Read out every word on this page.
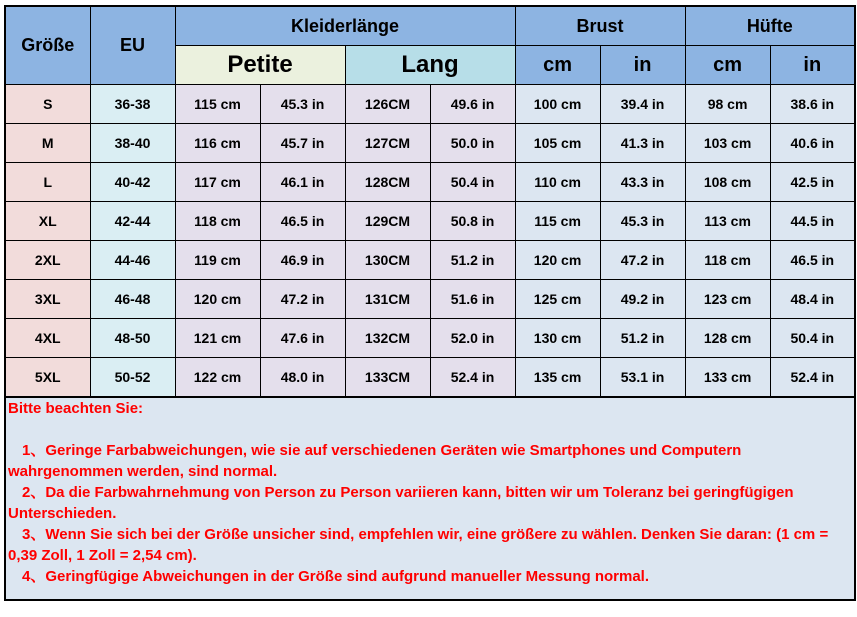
Größe	EU	Kleiderlänge				Brust		Hüfte	
		Petite		Lang		cm	in	cm	in
S	36-38	115 cm	45.3 in	126CM	49.6 in	100 cm	39.4 in	98 cm	38.6 in
M	38-40	116 cm	45.7 in	127CM	50.0 in	105 cm	41.3 in	103 cm	40.6 in
L	40-42	117 cm	46.1 in	128CM	50.4 in	110 cm	43.3 in	108 cm	42.5 in
XL	42-44	118 cm	46.5 in	129CM	50.8 in	115 cm	45.3 in	113 cm	44.5 in
2XL	44-46	119 cm	46.9 in	130CM	51.2 in	120 cm	47.2 in	118 cm	46.5 in
3XL	46-48	120 cm	47.2 in	131CM	51.6 in	125 cm	49.2 in	123 cm	48.4 in
4XL	48-50	121 cm	47.6 in	132CM	52.0 in	130 cm	51.2 in	128 cm	50.4 in
5XL	50-52	122 cm	48.0 in	133CM	52.4 in	135 cm	53.1 in	133 cm	52.4 in

Bitte beachten Sie:

1、Geringe Farbabweichungen, wie sie auf verschiedenen Geräten wie Smartphones und Computern wahrgenommen werden, sind normal.

2、Da die Farbwahrnehmung von Person zu Person variieren kann, bitten wir um Toleranz bei geringfügigen Unterschieden.

3、Wenn Sie sich bei der Größe unsicher sind, empfehlen wir, eine größere zu wählen. Denken Sie daran: (1 cm = 0,39 Zoll, 1 Zoll = 2,54 cm).

4、Geringfügige Abweichungen in der Größe sind aufgrund manueller Messung normal.
